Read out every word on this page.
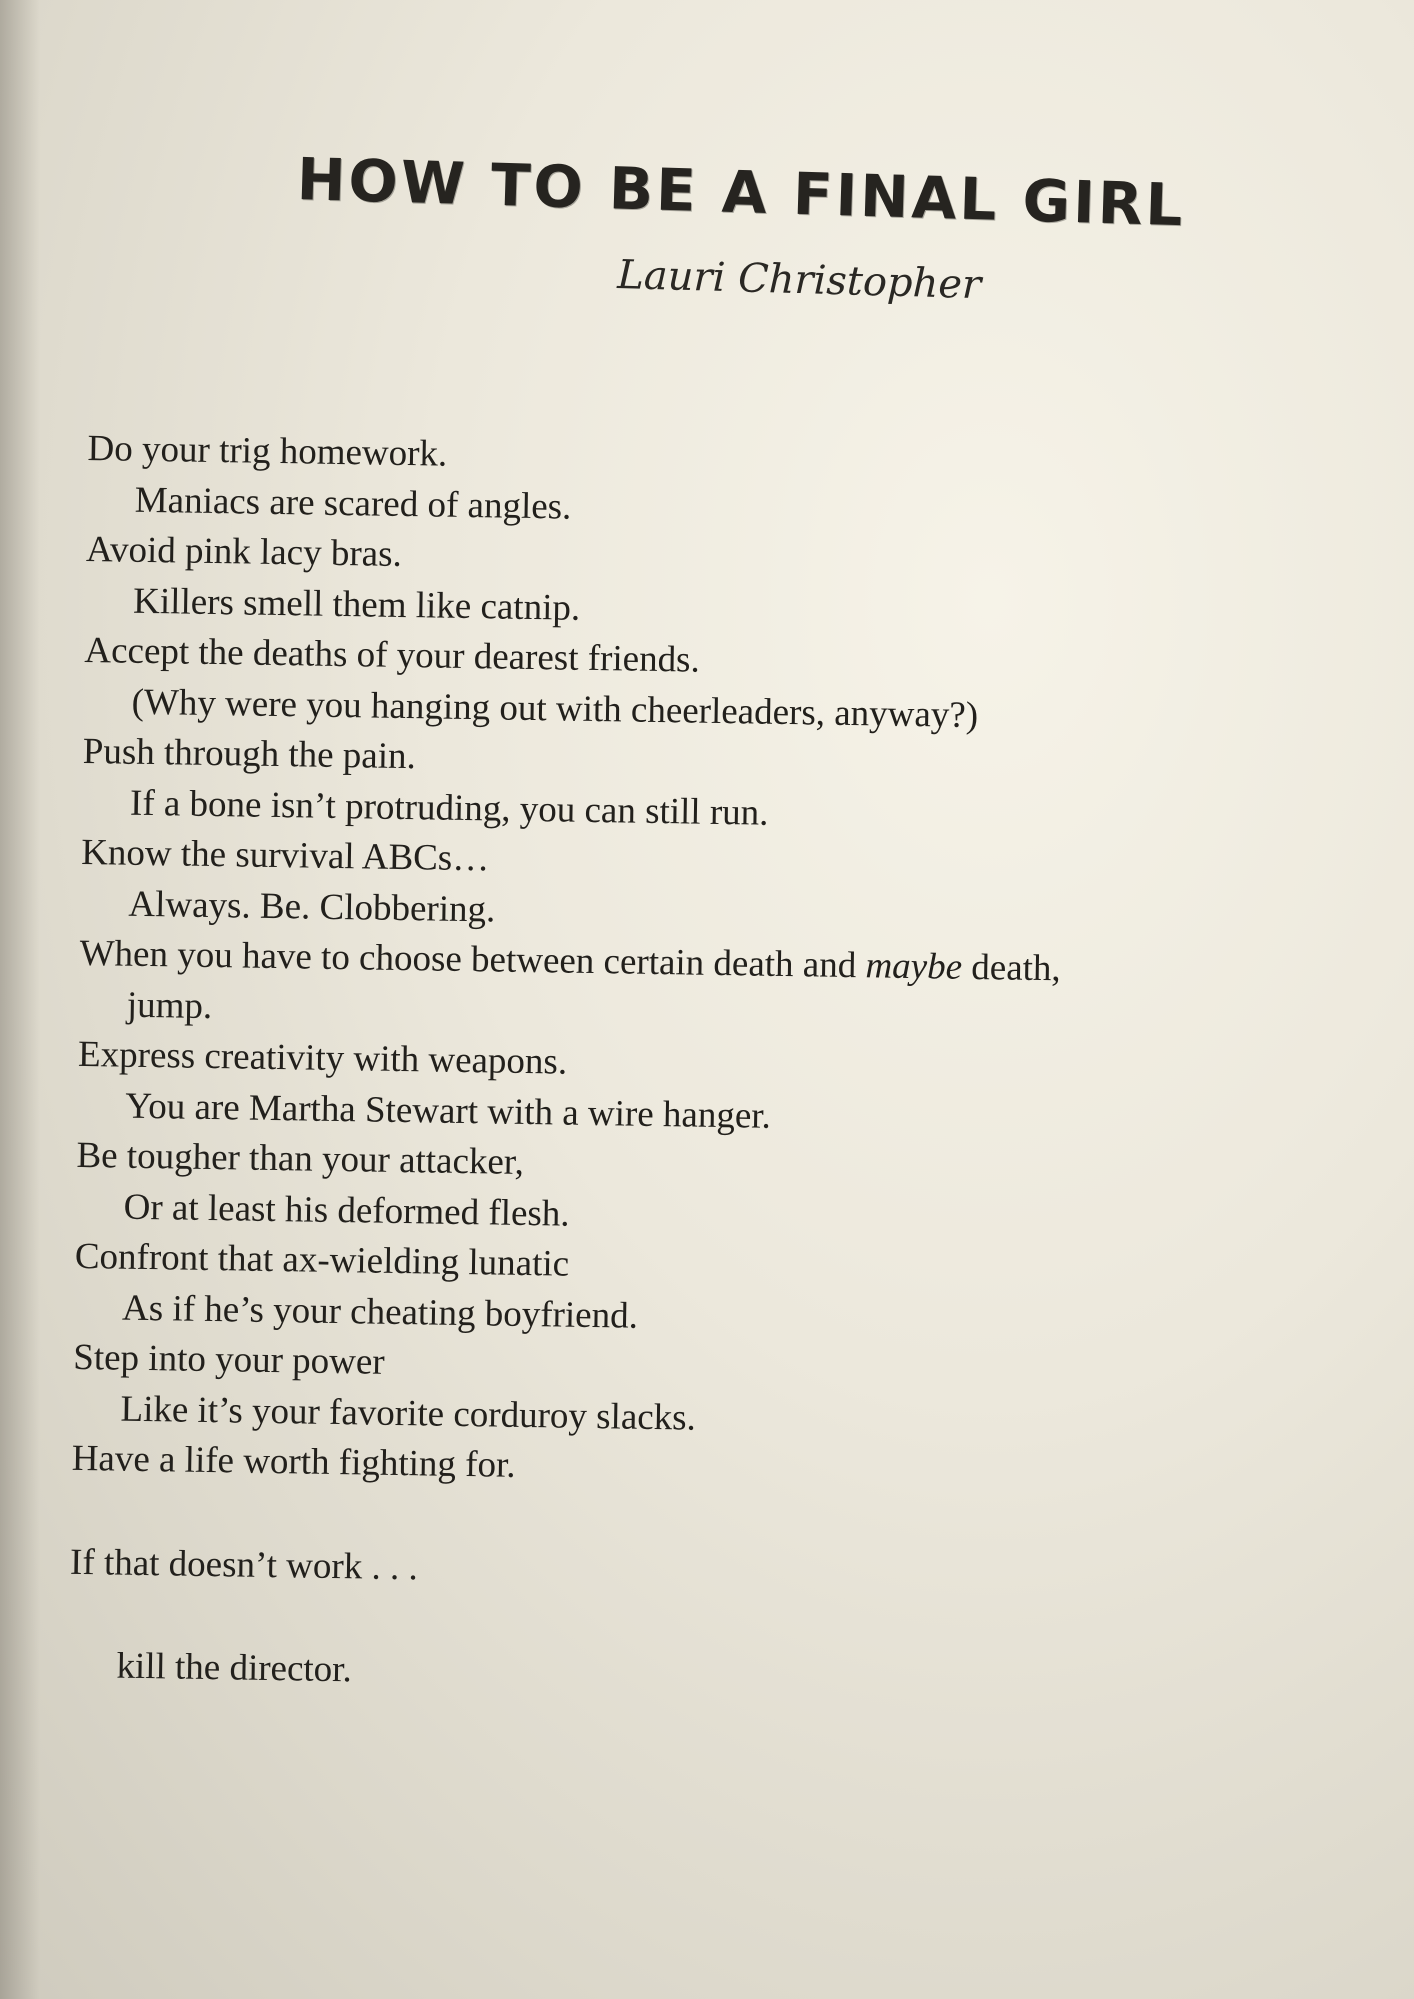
HOW TO BE A FINAL GIRL
Lauri Christopher
Do your trig homework.
Maniacs are scared of angles.
Avoid pink lacy bras.
Killers smell them like catnip.
Accept the deaths of your dearest friends.
(Why were you hanging out with cheerleaders, anyway?)
Push through the pain.
If a bone isn’t protruding, you can still run.
Know the survival ABCs…
Always. Be. Clobbering.
When you have to choose between certain death and maybe death,
jump.
Express creativity with weapons.
You are Martha Stewart with a wire hanger.
Be tougher than your attacker,
Or at least his deformed flesh.
Confront that ax-wielding lunatic
As if he’s your cheating boyfriend.
Step into your power
Like it’s your favorite corduroy slacks.
Have a life worth fighting for.
If that doesn’t work . . .
kill the director.
